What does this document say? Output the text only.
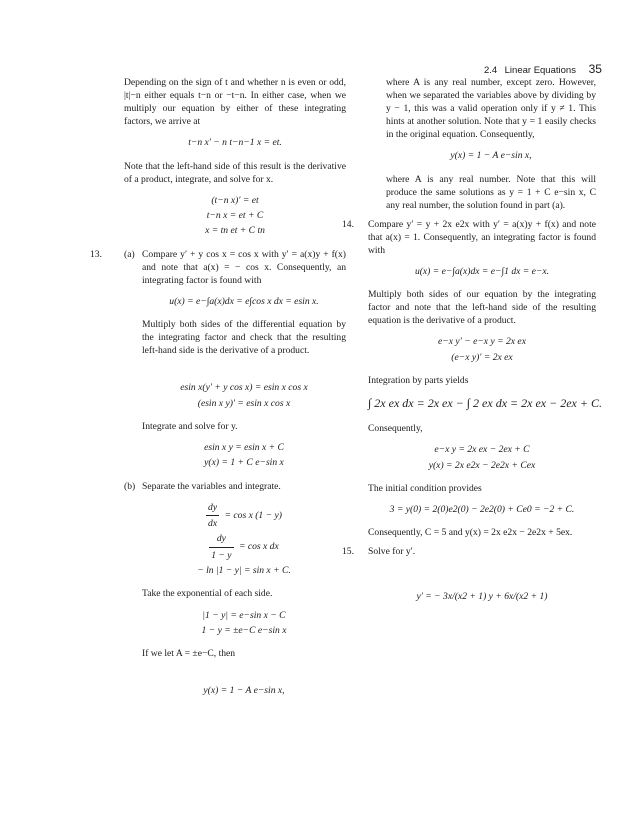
2.4 Linear Equations 35

Depending on the sign of t and whether n is even or odd, |t|−n either equals t−n or −t−n. In either case, when we multiply our equation by either of these integrating factors, we arrive at

t−n x′ − n t−n−1 x = et.

Note that the left-hand side of this result is the derivative of a product, integrate, and solve for x.

(t−n x)′ = et
t−n x = et + C
x = tn et + C tn
13. (a) Compare y′ + y cos x = cos x with y′ = a(x)y + f(x) and note that a(x) = − cos x. Consequently, an integrating factor is found with

u(x) = e−∫a(x)dx = e∫cos x dx = esin x.

Multiply both sides of the differential equation by the integrating factor and check that the resulting left-hand side is the derivative of a product.

esin x(y′ + y cos x) = esin x cos x
(esin x y)′ = esin x cos x

Integrate and solve for y.

esin x y = esin x + C
y(x) = 1 + C e−sin x
(b) Separate the variables and integrate.

$\frac{dy}{dx} = \cos x$ (1 − y)
$\frac{dy}{1 - y} = \cos x$ dx
− ln |1 − y| = sin x + C.

Take the exponential of each side.

|1 − y| = e−sin x − C
1 − y = ±e−C e−sin x

If we let A = ±e−C, then

y(x) = 1 − A e−sin x,

where A is any real number, except zero. However, when we separated the variables above by dividing by y − 1, this was a valid operation only if y ≠ 1. This hints at another solution. Note that y = 1 easily checks in the original equation. Consequently,

y(x) = 1 − A e−sin x,

where A is any real number. Note that this will produce the same solutions as y = 1 + C e−sin x, C any real number, the solution found in part (a).

14. Compare y′ = y + 2x e2x with y′ = a(x)y + f(x) and note that a(x) = 1. Consequently, an integrating factor is found with

u(x) = e−∫a(x)dx = e−∫1 dx = e−x.

Multiply both sides of our equation by the integrating factor and note that the left-hand side of the resulting equation is the derivative of a product.

e−x y′ − e−x y = 2x ex
(e−x y)′ = 2x ex

Integration by parts yields

∫ 2x ex dx = 2x ex − ∫ 2 ex dx = 2x ex − 2ex + C.

Consequently,

e−x y = 2x ex − 2ex + C
y(x) = 2x e2x − 2e2x + Cex

The initial condition provides

3 = y(0) = 2(0)e2(0) − 2e2(0) + Ce0 = −2 + C.

Consequently, C = 5 and y(x) = 2x e2x − 2e2x + 5ex.

15. Solve for y′.

y′ = − 3x/(x2 + 1) y + 6x/(x2 + 1)
